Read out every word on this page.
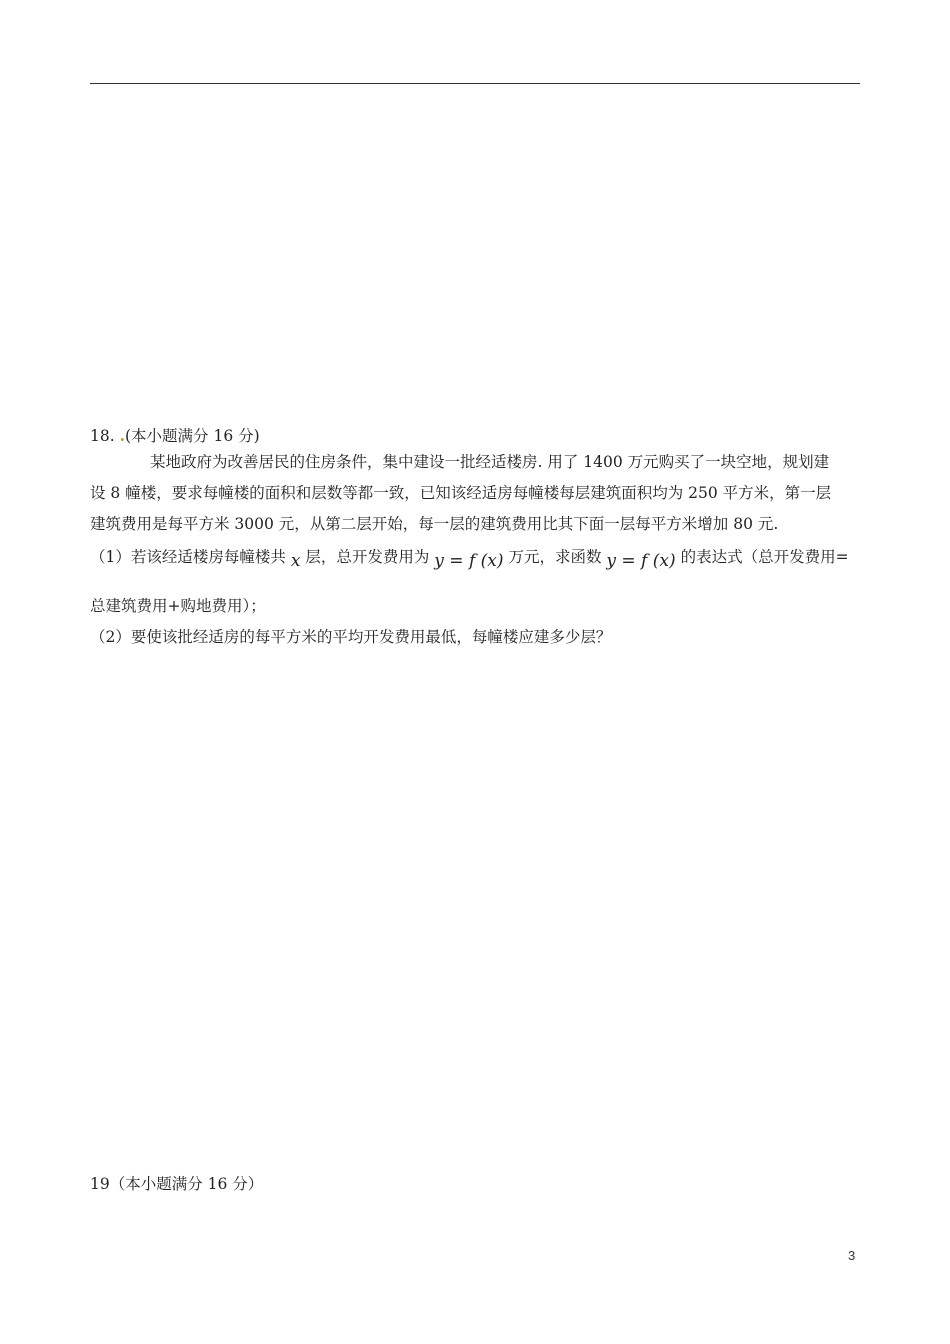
18. .(本小题满分 16 分)
某地政府为改善居民的住房条件，集中建设一批经适楼房. 用了 1400 万元购买了一块空地，规划建
设 8 幢楼，要求每幢楼的面积和层数等都一致，已知该经适房每幢楼每层建筑面积均为 250 平方米，第一层
建筑费用是每平方米 3000 元，从第二层开始，每一层的建筑费用比其下面一层每平方米增加 80 元.
（1）若该经适楼房每幢楼共 x 层，总开发费用为 y = f (x) 万元，求函数 y = f (x) 的表达式（总开发费用=
总建筑费用+购地费用）；
（2）要使该批经适房的每平方米的平均开发费用最低，每幢楼应建多少层？
19（本小题满分 16 分）
3
